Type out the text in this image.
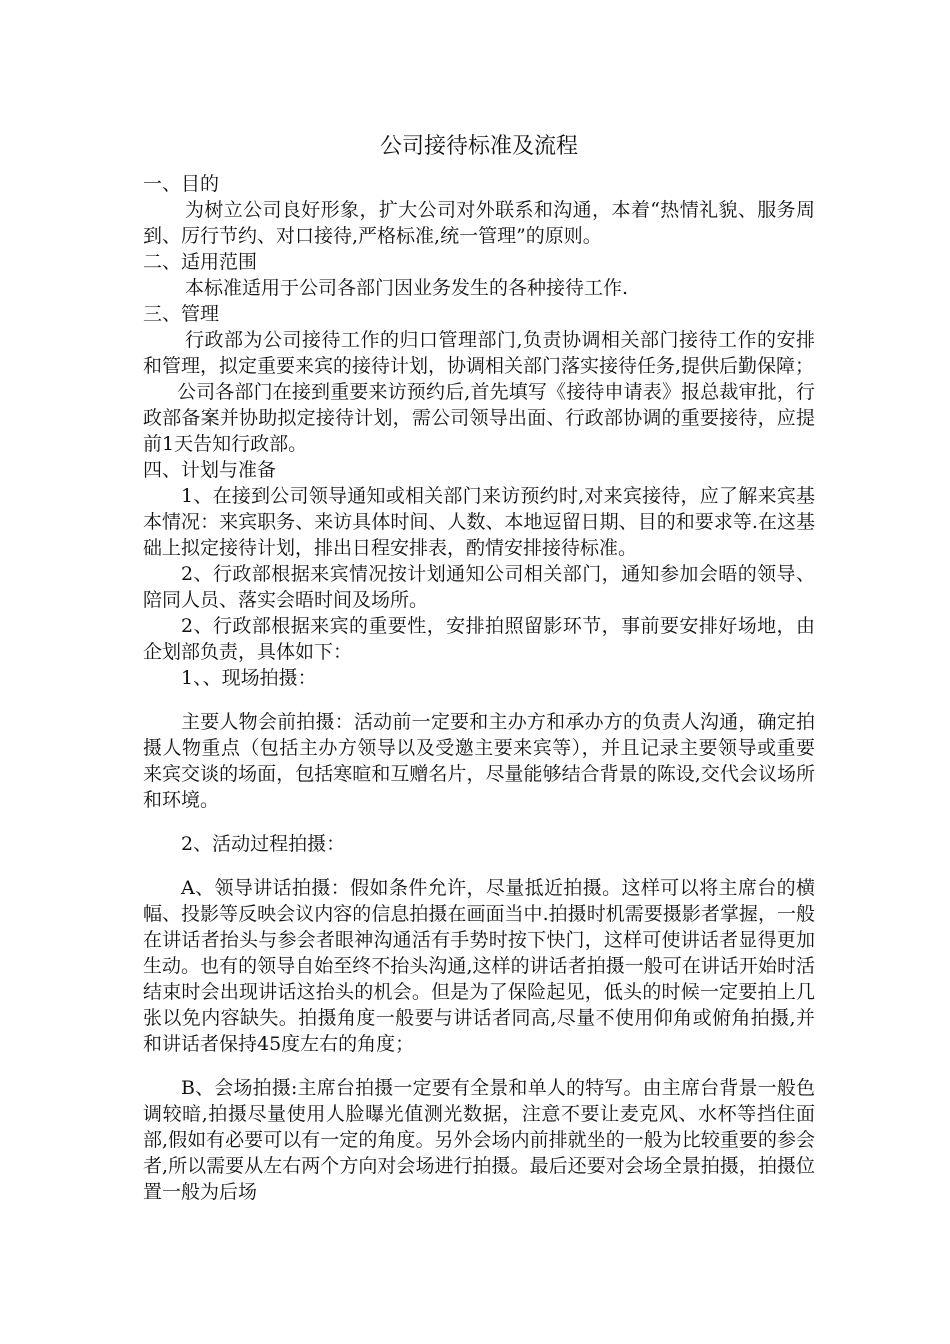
公司接待标准及流程
一、目的
为树立公司良好形象，扩大公司对外联系和沟通，本着“热情礼貌、服务周到、厉行节约、对口接待,严格标准,统一管理”的原则。
二、适用范围
本标准适用于公司各部门因业务发生的各种接待工作.
三、管理
行政部为公司接待工作的归口管理部门,负责协调相关部门接待工作的安排和管理，拟定重要来宾的接待计划，协调相关部门落实接待任务,提供后勤保障；
公司各部门在接到重要来访预约后,首先填写《接待申请表》报总裁审批，行政部备案并协助拟定接待计划，需公司领导出面、行政部协调的重要接待，应提前1天告知行政部。
四、计划与准备
1、在接到公司领导通知或相关部门来访预约时,对来宾接待，应了解来宾基本情况：来宾职务、来访具体时间、人数、本地逗留日期、目的和要求等.在这基础上拟定接待计划，排出日程安排表，酌情安排接待标准。
2、行政部根据来宾情况按计划通知公司相关部门，通知参加会晤的领导、陪同人员、落实会晤时间及场所。
2、行政部根据来宾的重要性，安排拍照留影环节，事前要安排好场地，由企划部负责，具体如下：
1、、现场拍摄：
主要人物会前拍摄：活动前一定要和主办方和承办方的负责人沟通，确定拍摄人物重点（包括主办方领导以及受邀主要来宾等），并且记录主要领导或重要来宾交谈的场面，包括寒暄和互赠名片，尽量能够结合背景的陈设,交代会议场所和环境。
2、活动过程拍摄：
A、领导讲话拍摄：假如条件允许，尽量抵近拍摄。这样可以将主席台的横幅、投影等反映会议内容的信息拍摄在画面当中.拍摄时机需要摄影者掌握，一般在讲话者抬头与参会者眼神沟通活有手势时按下快门，这样可使讲话者显得更加生动。也有的领导自始至终不抬头沟通,这样的讲话者拍摄一般可在讲话开始时活结束时会出现讲话这抬头的机会。但是为了保险起见，低头的时候一定要拍上几张以免内容缺失。拍摄角度一般要与讲话者同高,尽量不使用仰角或俯角拍摄,并和讲话者保持45度左右的角度；
B、会场拍摄:主席台拍摄一定要有全景和单人的特写。由主席台背景一般色调较暗,拍摄尽量使用人脸曝光值测光数据，注意不要让麦克风、水杯等挡住面部,假如有必要可以有一定的角度。另外会场内前排就坐的一般为比较重要的参会者,所以需要从左右两个方向对会场进行拍摄。最后还要对会场全景拍摄，拍摄位置一般为后场
